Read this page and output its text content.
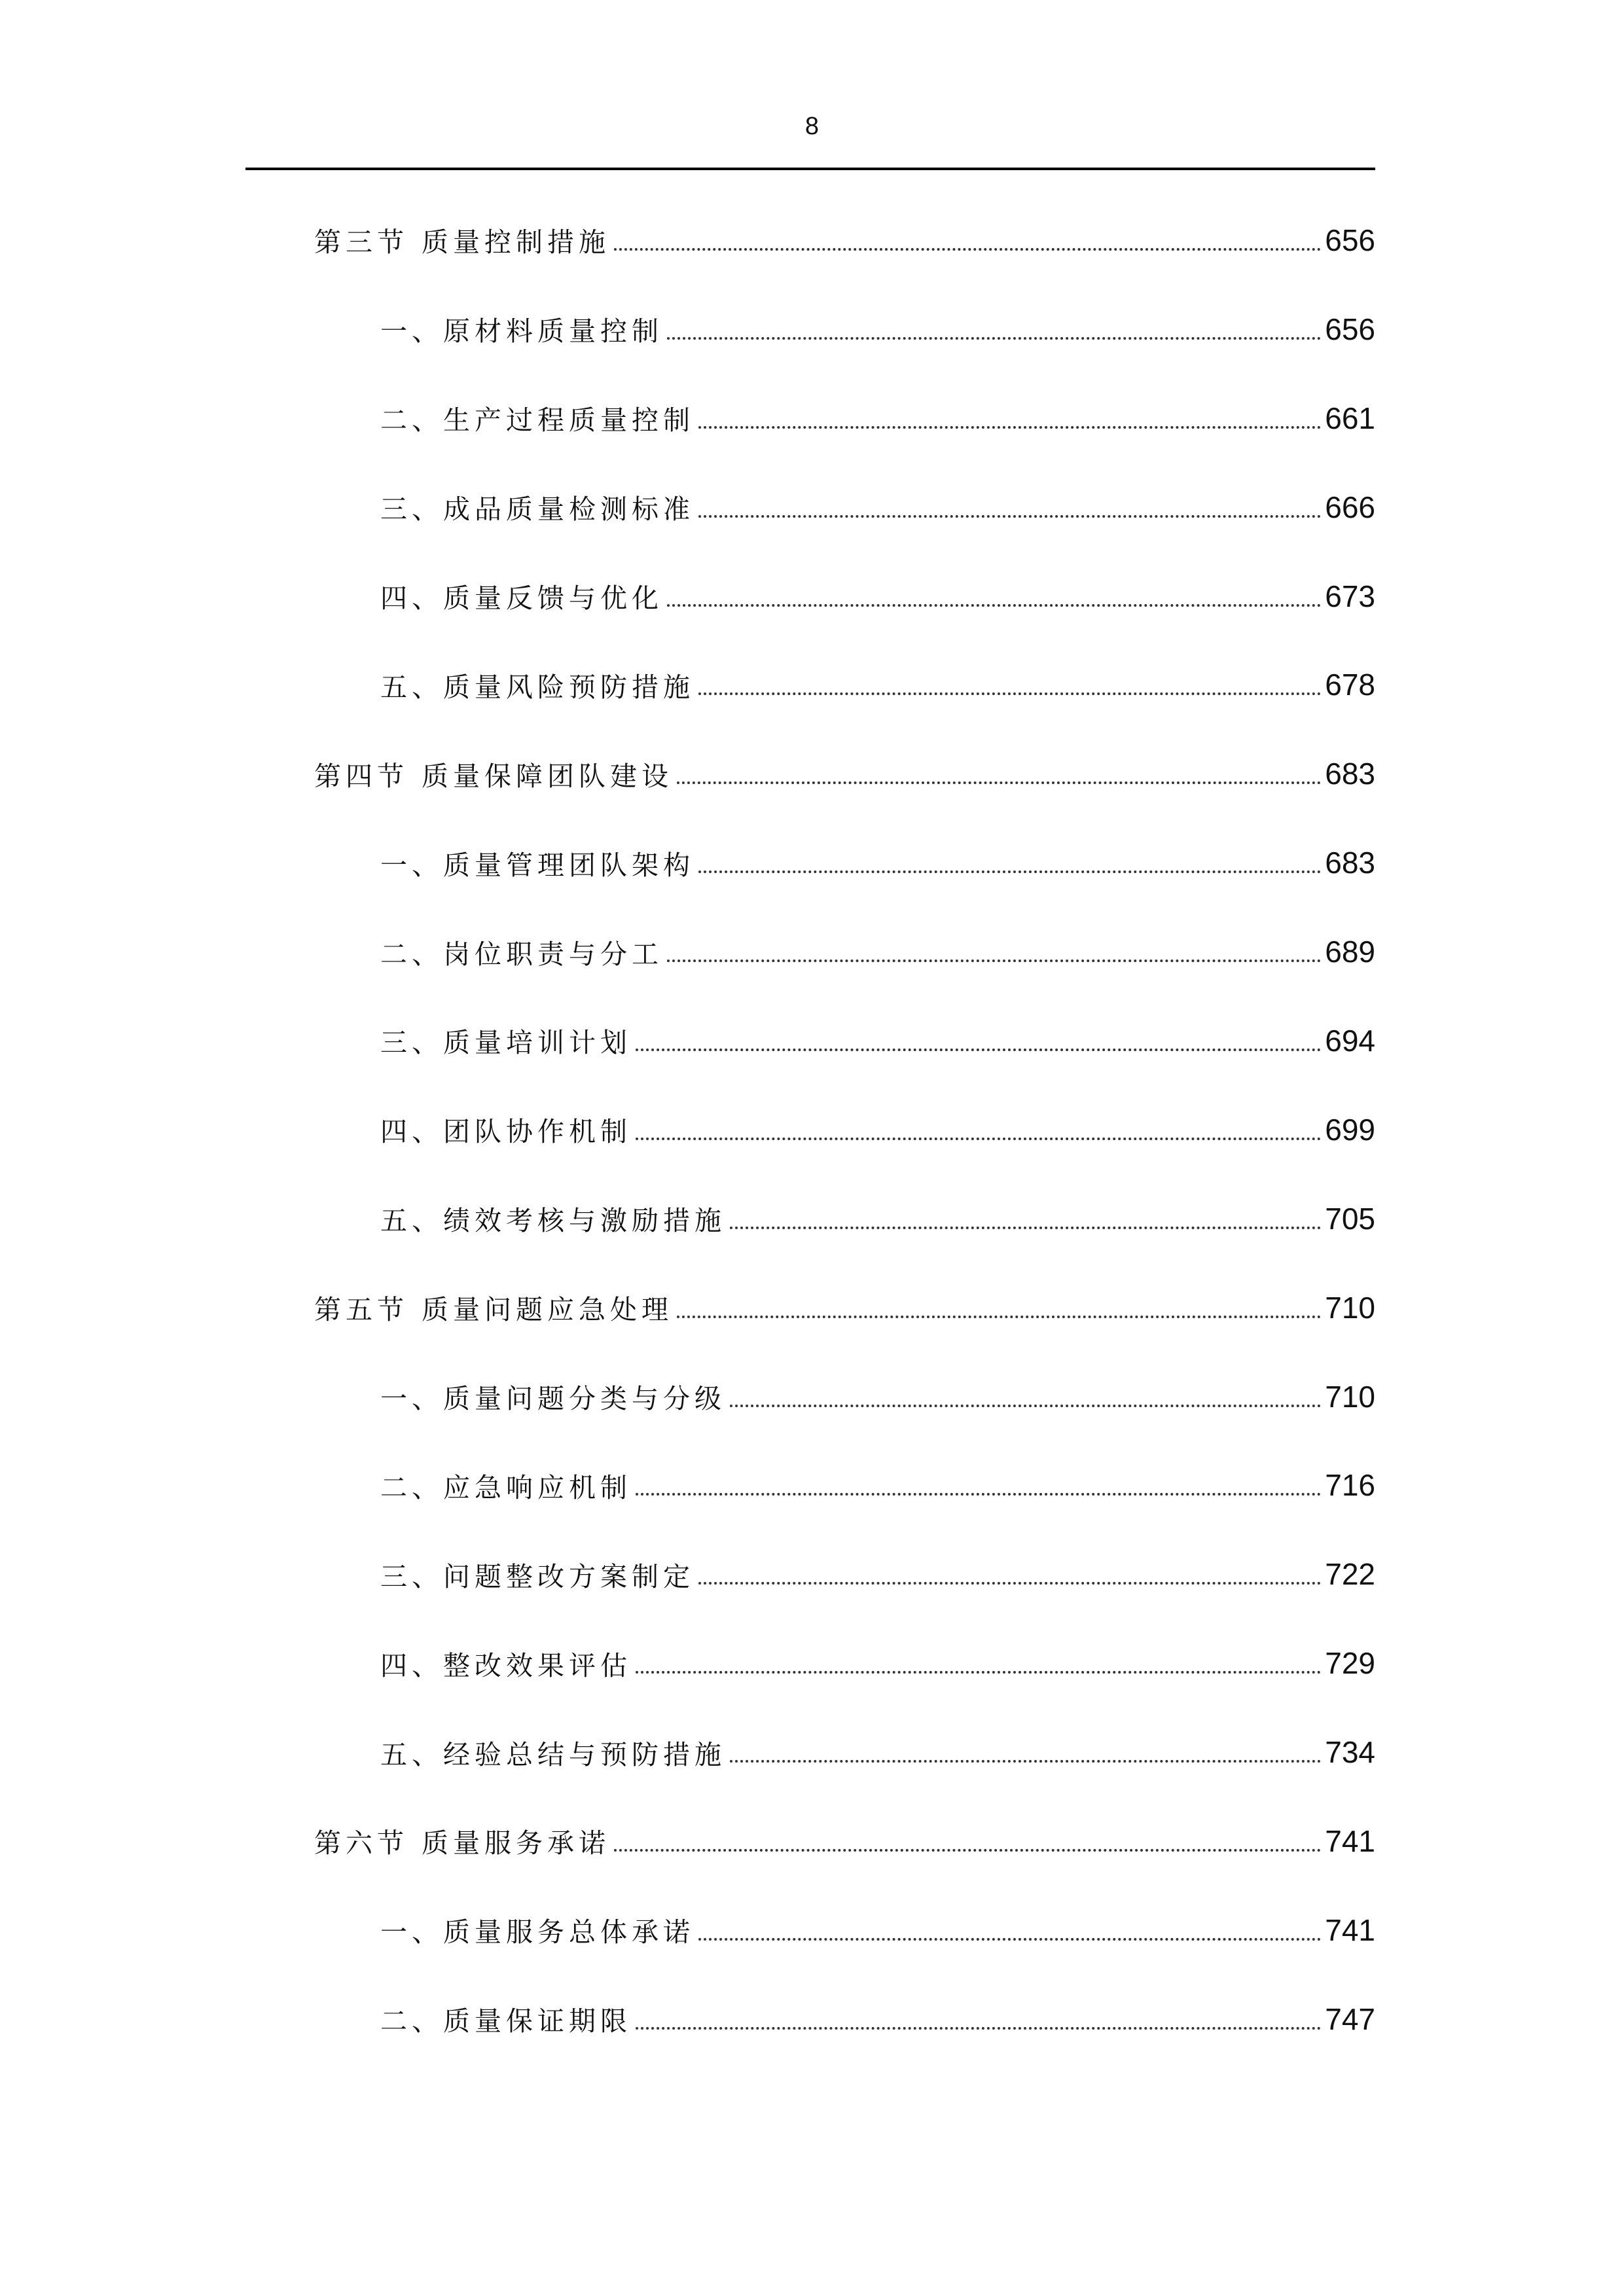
8
第三节 质量控制措施	656
一、原材料质量控制	656
二、生产过程质量控制	661
三、成品质量检测标准	666
四、质量反馈与优化	673
五、质量风险预防措施	678
第四节 质量保障团队建设	683
一、质量管理团队架构	683
二、岗位职责与分工	689
三、质量培训计划	694
四、团队协作机制	699
五、绩效考核与激励措施	705
第五节 质量问题应急处理	710
一、质量问题分类与分级	710
二、应急响应机制	716
三、问题整改方案制定	722
四、整改效果评估	729
五、经验总结与预防措施	734
第六节 质量服务承诺	741
一、质量服务总体承诺	741
二、质量保证期限	747
